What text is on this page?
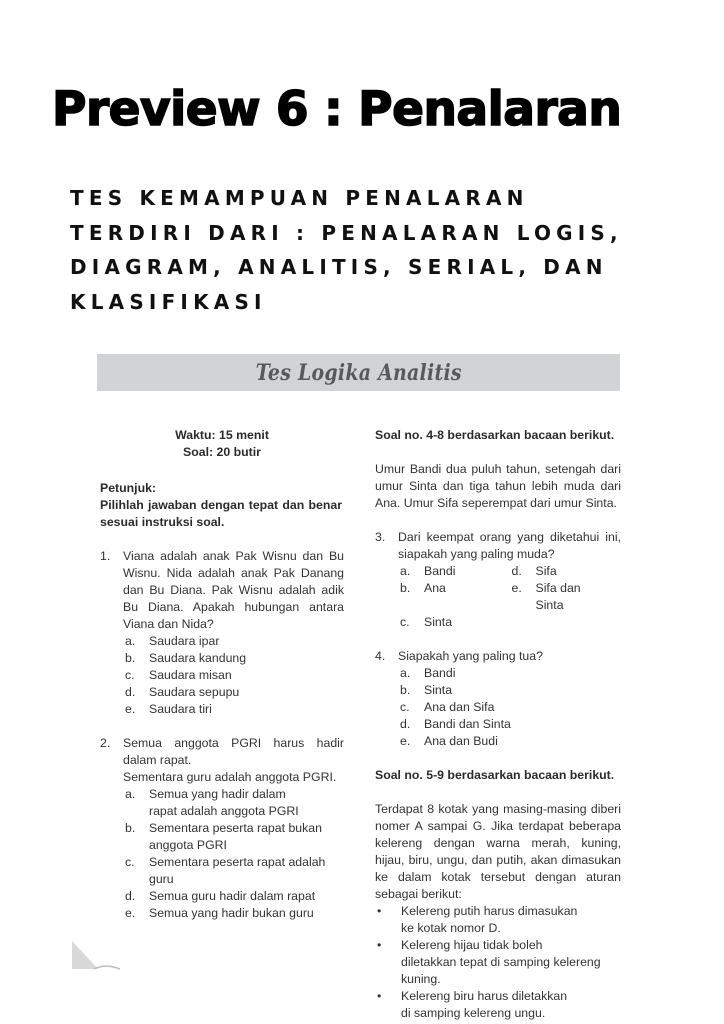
Preview 6 : Penalaran
TES KEMAMPUAN PENALARAN
TERDIRI DARI : PENALARAN LOGIS,
DIAGRAM, ANALITIS, SERIAL, DAN
KLASIFIKASI
Tes Logika Analitis
Waktu: 15 menit
Soal: 20 butir
Petunjuk:
Pilihlah jawaban dengan tepat dan benar sesuai instruksi soal.
1.	Viana adalah anak Pak Wisnu dan Bu Wisnu. Nida adalah anak Pak Danang dan Bu Diana. Pak Wisnu adalah adik Bu Diana. Apakah hubungan antara Viana dan Nida?
a.	Saudara ipar
b.	Saudara kandung
c.	Saudara misan
d.	Saudara sepupu
e.	Saudara tiri
2.	Semua anggota PGRI harus hadir dalam rapat.
Sementara guru adalah anggota PGRI.
a.	Semua yang hadir dalam rapat adalah anggota PGRI
b.	Sementara peserta rapat bukan anggota PGRI
c.	Sementara peserta rapat adalah guru
d.	Semua guru hadir dalam rapat
e.	Semua yang hadir bukan guru
Soal no. 4-8 berdasarkan bacaan berikut.
Umur Bandi dua puluh tahun, setengah dari umur Sinta dan tiga tahun lebih muda dari Ana. Umur Sifa seperempat dari umur Sinta.
3.	Dari keempat orang yang diketahui ini, siapakah yang paling muda?
a.	Bandi	d.	Sifa
b.	Ana	e.	Sifa dan Sinta
c.	Sinta
4.	Siapakah yang paling tua?
a.	Bandi
b.	Sinta
c.	Ana dan Sifa
d.	Bandi dan Sinta
e.	Ana dan Budi
Soal no. 5-9 berdasarkan bacaan berikut.
Terdapat 8 kotak yang masing-masing diberi nomer A sampai G. Jika terdapat beberapa kelereng dengan warna merah, kuning, hijau, biru, ungu, dan putih, akan dimasukan ke dalam kotak tersebut dengan aturan sebagai berikut:
•	Kelereng putih harus dimasukan ke kotak nomor D.
•	Kelereng hijau tidak boleh diletakkan tepat di samping kelereng kuning.
•	Kelereng biru harus diletakkan di samping kelereng ungu.
